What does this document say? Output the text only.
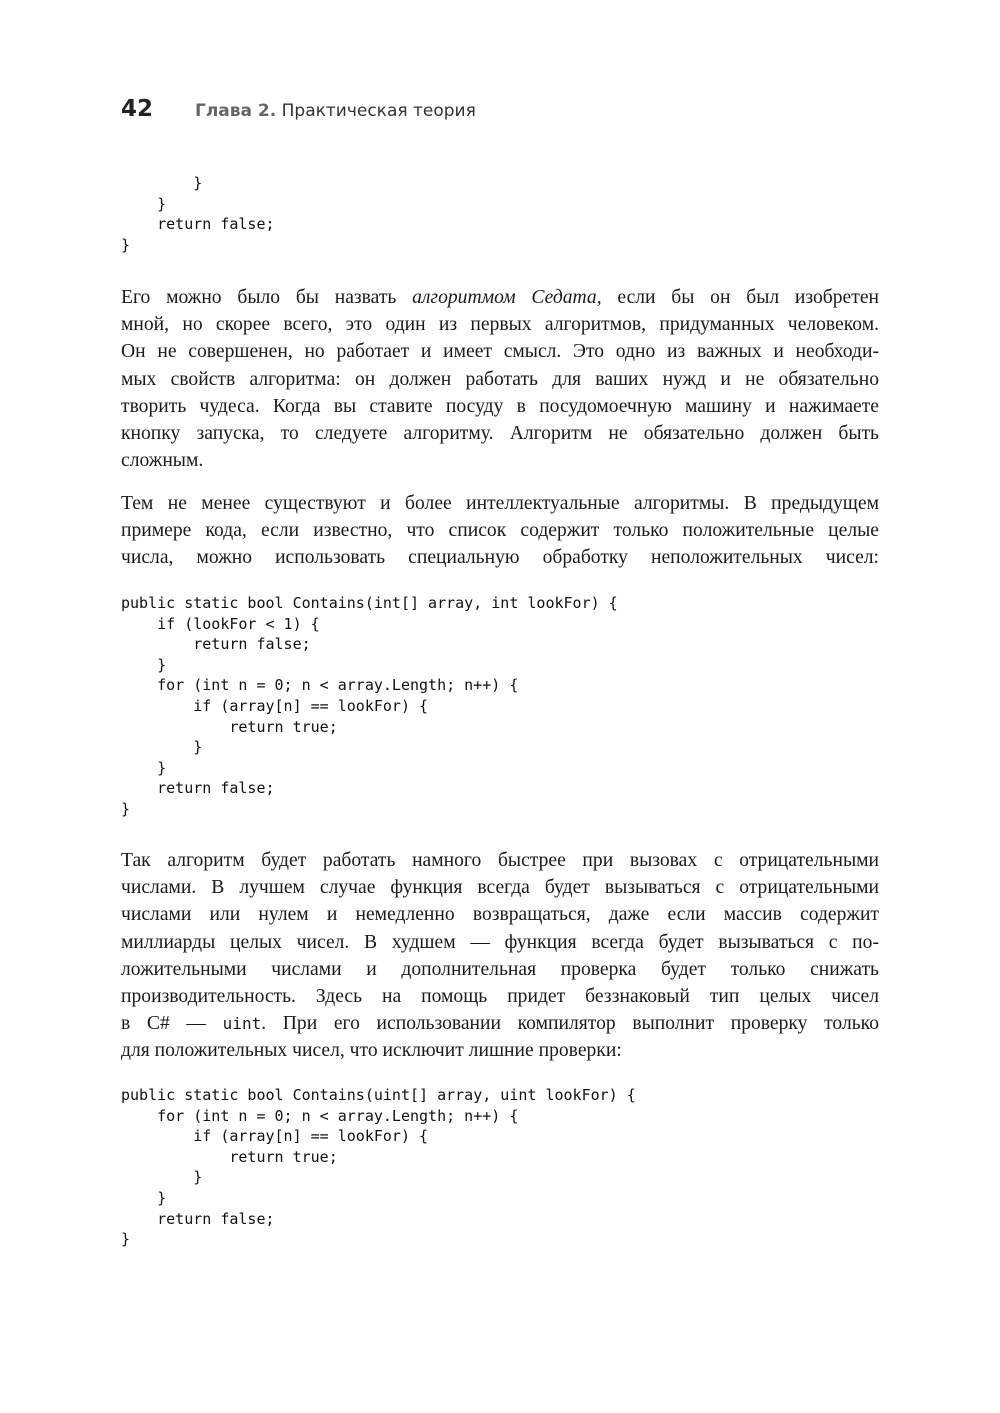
42 Глава 2. Практическая теория
}
}
return false;
}
Его можно было бы назвать алгоритмом Седата, если бы он был изобретен
мной, но скорее всего, это один из первых алгоритмов, придуманных человеком.
Он не совершенен, но работает и имеет смысл. Это одно из важных и необходи-
мых свойств алгоритма: он должен работать для ваших нужд и не обязательно
творить чудеса. Когда вы ставите посуду в посудомоечную машину и нажимаете
кнопку запуска, то следуете алгоритму. Алгоритм не обязательно должен быть
сложным.
Тем не менее существуют и более интеллектуальные алгоритмы. В предыдущем
примере кода, если известно, что список содержит только положительные целые
числа, можно использовать специальную обработку неположительных чисел:
public static bool Contains(int[] array, int lookFor) {
if (lookFor < 1) {
return false;
}
for (int n = 0; n < array.Length; n++) {
if (array[n] == lookFor) {
return true;
}
}
return false;
}
Так алгоритм будет работать намного быстрее при вызовах с отрицательными
числами. В лучшем случае функция всегда будет вызываться с отрицательными
числами или нулем и немедленно возвращаться, даже если массив содержит
миллиарды целых чисел. В худшем — функция всегда будет вызываться с по-
ложительными числами и дополнительная проверка будет только снижать
производительность. Здесь на помощь придет беззнаковый тип целых чисел
в C# — uint. При его использовании компилятор выполнит проверку только
для положительных чисел, что исключит лишние проверки:
public static bool Contains(uint[] array, uint lookFor) {
for (int n = 0; n < array.Length; n++) {
if (array[n] == lookFor) {
return true;
}
}
return false;
}
